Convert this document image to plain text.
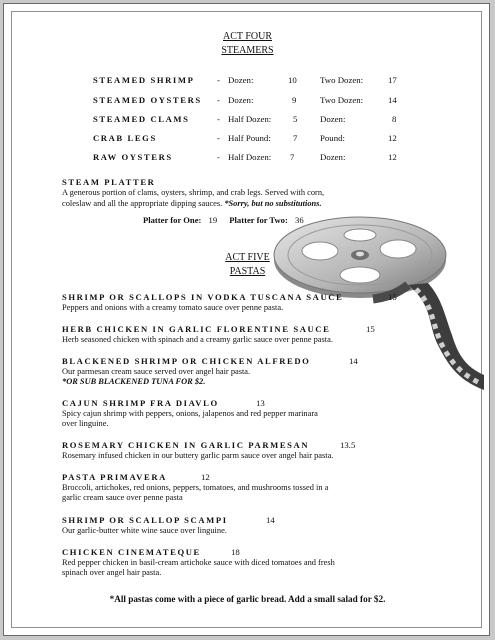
ACT FOUR
STEAMERS
STEAMED SHRIMP	- Dozen:	10	Two Dozen:	17
STEAMED OYSTERS - Dozen:	9	Two Dozen:	14
STEAMED CLAMS	- Half Dozen: 5	Dozen:	8
CRAB LEGS	- Half Pound:	7	Pound:	12
RAW OYSTERS	- Half Dozen: 7	Dozen:	12
STEAM PLATTER
A generous portion of clams, oysters, shrimp, and crab legs. Served with corn,
coleslaw and all the appropriate dipping sauces. *Sorry, but no substitutions.
Platter for One: 19 Platter for Two: 36
ACT FIVE
PASTAS
SHRIMP OR SCALLOPS IN VODKA TUSCANA SAUCE	15
Peppers and onions with a creamy tomato sauce over penne pasta.
HERB CHICKEN IN GARLIC FLORENTINE SAUCE	15
Herb seasoned chicken with spinach and a creamy garlic sauce over penne pasta.
BLACKENED SHRIMP OR CHICKEN ALFREDO	14
Our parmesan cream sauce served over angel hair pasta.
*OR SUB BLACKENED TUNA FOR $2.
CAJUN SHRIMP FRA DIAVLO	13
Spicy cajun shrimp with peppers, onions, jalapenos and red pepper marinara
over linguine.
ROSEMARY CHICKEN IN GARLIC PARMESAN	13.5
Rosemary infused chicken in our buttery garlic parm sauce over angel hair pasta.
PASTA PRIMAVERA	12
Broccoli, artichokes, red onions, peppers, tomatoes, and mushrooms tossed in a
garlic cream sauce over penne pasta
SHRIMP OR SCALLOP SCAMPI	14
Our garlic-butter white wine sauce over linguine.
CHICKEN CINEMATEQUE	18
Red pepper chicken in basil-cream artichoke sauce with diced tomatoes and fresh
spinach over angel hair pasta.
*All pastas come with a piece of garlic bread. Add a small salad for $2.
